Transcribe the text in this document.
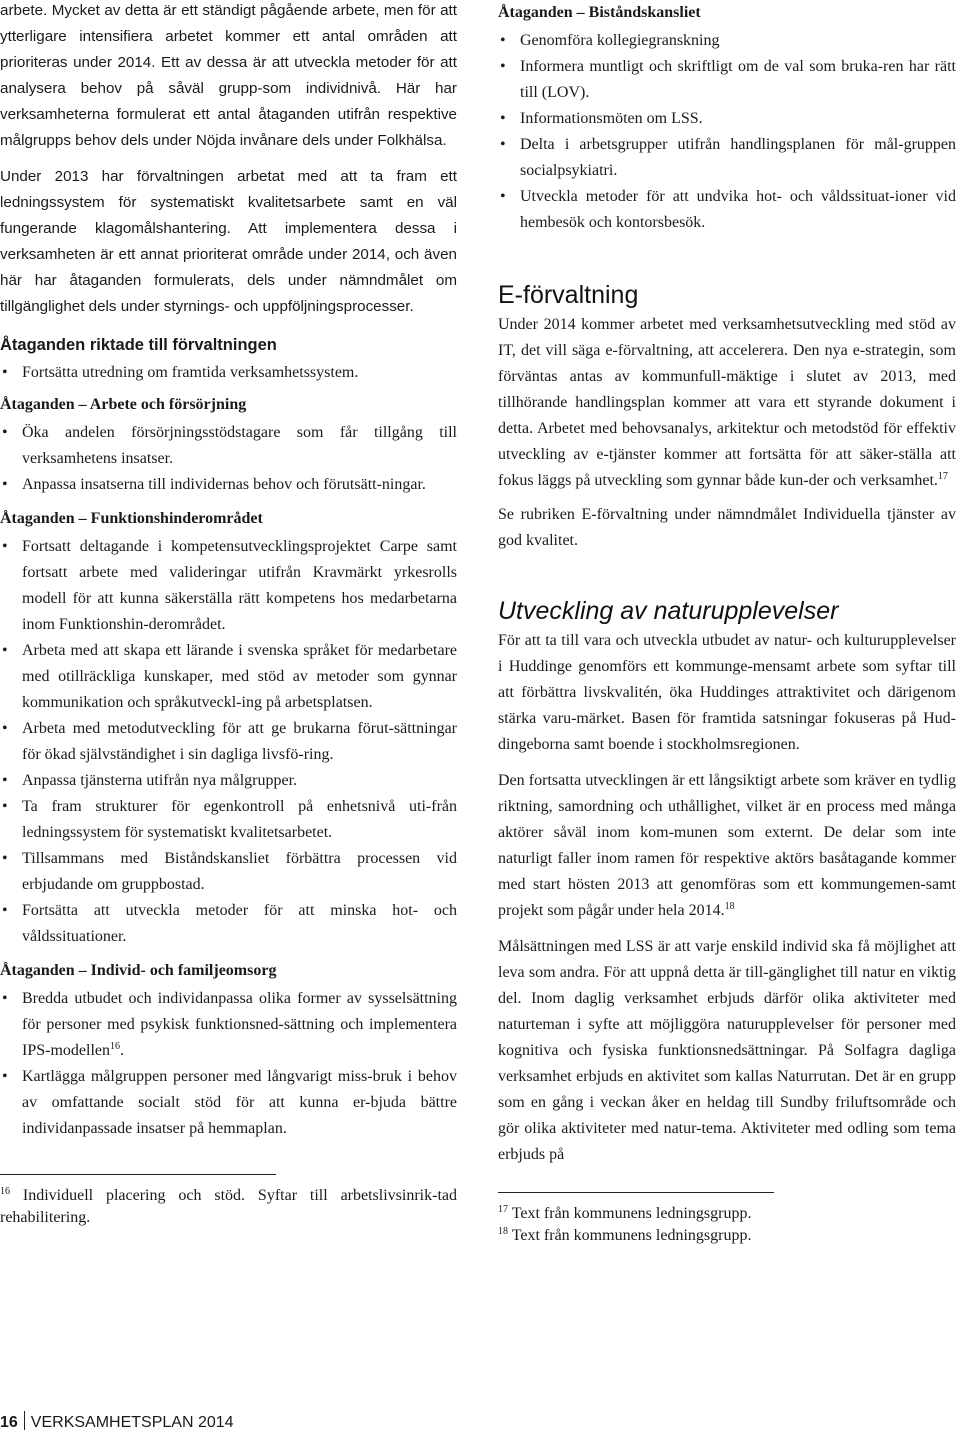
arbete. Mycket av detta är ett ständigt pågående arbete, men för att ytterligare intensifiera arbetet kommer ett antal områden att prioriteras under 2014. Ett av dessa är att utveckla metoder för att analysera behov på såväl grupp-som individnivå. Här har verksamheterna formulerat ett antal åtaganden utifrån respektive målgrupps behov dels under Nöjda invånare dels under Folkhälsa.

Under 2013 har förvaltningen arbetat med att ta fram ett ledningssystem för systematiskt kvalitetsarbete samt en väl fungerande klagomålshantering. Att implementera dessa i verksamheten är ett annat prioriterat område under 2014, och även här har åtaganden formulerats, dels under nämndmålet om tillgänglighet dels under styrnings- och uppföljningsprocesser.

Åtaganden riktade till förvaltningen
• Fortsätta utredning om framtida verksamhetssystem.
Åtaganden – Arbete och försörjning
• Öka andelen försörjningsstödstagare som får tillgång till verksamhetens insatser.
• Anpassa insatserna till individernas behov och förutsätt-ningar.
Åtaganden – Funktionshinderområdet
• Fortsatt deltagande i kompetensutvecklingsprojektet Carpe samt fortsatt arbete med valideringar utifrån Kravmärkt yrkesrolls modell för att kunna säkerställa rätt kompetens hos medarbetarna inom Funktionshin-derområdet.
• Arbeta med att skapa ett lärande i svenska språket för medarbetare med otillräckliga kunskaper, med stöd av metoder som gynnar kommunikation och språkutveckl-ing på arbetsplatsen.
• Arbeta med metodutveckling för att ge brukarna förut-sättningar för ökad självständighet i sin dagliga livsfö-ring.
• Anpassa tjänsterna utifrån nya målgrupper.
• Ta fram strukturer för egenkontroll på enhetsnivå uti-från ledningssystem för systematiskt kvalitetsarbetet.
• Tillsammans med Biståndskansliet förbättra processen vid erbjudande om gruppbostad.
• Fortsätta att utveckla metoder för att minska hot- och våldssituationer.
Åtaganden – Individ- och familjeomsorg
• Bredda utbudet och individanpassa olika former av sysselsättning för personer med psykisk funktionsned-sättning och implementera IPS-modellen$^{16}$.
• Kartlägga målgruppen personer med långvarigt miss-bruk i behov av omfattande socialt stöd för att kunna er-bjuda bättre individanpassade insatser på hemmaplan.

$^{16}$ Individuell placering och stöd. Syftar till arbetslivsinrik-tad rehabilitering.

Åtaganden – Biståndskansliet
• Genomföra kollegiegranskning
• Informera muntligt och skriftligt om de val som bruka-ren har rätt till (LOV).
• Informationsmöten om LSS.
• Delta i arbetsgrupper utifrån handlingsplanen för mål-gruppen socialpsykiatri.
• Utveckla metoder för att undvika hot- och våldssituat-ioner vid hembesök och kontorsbesök.
E-förvaltning

Under 2014 kommer arbetet med verksamhetsutveckling med stöd av IT, det vill säga e-förvaltning, att accelerera. Den nya e-strategin, som förväntas antas av kommunfull-mäktige i slutet av 2013, med tillhörande handlingsplan kommer att vara ett styrande dokument i detta. Arbetet med behovsanalys, arkitektur och metodstöd för effektiv utveckling av e-tjänster kommer att fortsätta för att säker-ställa att fokus läggs på utveckling som gynnar både kun-der och verksamhet.$^{17}$

Se rubriken E-förvaltning under nämndmålet Individuella tjänster av god kvalitet.

Utveckling av naturupplevelser

För att ta till vara och utveckla utbudet av natur- och kulturupplevelser i Huddinge genomförs ett kommunge-mensamt arbete som syftar till att förbättra livskvalitén, öka Huddinges attraktivitet och därigenom stärka varu-märket. Basen för framtida satsningar fokuseras på Hud-dingeborna samt boende i stockholmsregionen.

Den fortsatta utvecklingen är ett långsiktigt arbete som kräver en tydlig riktning, samordning och uthållighet, vilket är en process med många aktörer såväl inom kom-munen som externt. De delar som inte naturligt faller inom ramen för respektive aktörs basåtagande kommer med start hösten 2013 att genomföras som ett kommungemen-samt projekt som pågår under hela 2014.18

Målsättningen med LSS är att varje enskild individ ska få möjlighet att leva som andra. För att uppnå detta är till-gänglighet till natur en viktig del. Inom daglig verksamhet erbjuds därför olika aktiviteter med naturteman i syfte att möjliggöra naturupplevelser för personer med kognitiva och fysiska funktionsnedsättningar. På Solfagra dagliga verksamhet erbjuds en aktivitet som kallas Naturrutan. Det är en grupp som en gång i veckan åker en heldag till Sundby friluftsområde och gör olika aktiviteter med natur-tema. Aktiviteter med odling som tema erbjuds på

$^{17}$ Text från kommunens ledningsgrupp.

$^{18}$ Text från kommunens ledningsgrupp.

16 VERKSAMHETSPLAN 2014
